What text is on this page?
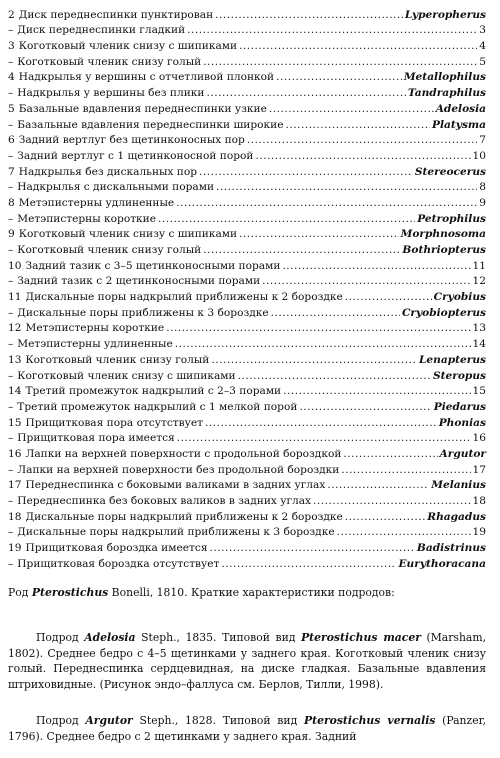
2 Диск переднеспинки пунктирован .....	Lyperopherus
– Диск переднеспинки гладкий .....	3
3 Коготковый членик снизу с шипиками .....	4
– Коготковый членик снизу голый .....	5
4 Надкрылья у вершины с отчетливой плонкой .....	Metallophilus
– Надкрылья у вершины без плики .....	Tandraphilus
5 Базальные вдавления переднеспинки узкие .....	Adelosia
– Базальные вдавления переднеспинки широкие .....	Platysma
6 Задний вертлуг без щетинконосных пор .....	7
– Задний вертлуг с 1 щетинконосной порой .....	10
7 Надкрылья без дискальных пор .....	Stereocerus
– Надкрылья с дискальными порами .....	8
8 Метэпистерны удлиненные .....	9
– Метэпистерны короткие .....	Petrophilus
9 Коготковый членик снизу с шипиками .....	Morphnosoma
– Коготковый членик снизу голый .....	Bothriopterus
10 Задний тазик с 3–5 щетинконосными порами .....	11
– Задний тазик с 2 щетинконосными порами .....	12
11 Дискальные поры надкрылий приближены к 2 бороздке .....	Cryobius
– Дискальные поры приближены к 3 бороздке .....	Cryobiopterus
12 Метэпистерны короткие .....	13
– Метэпистерны удлиненные .....	14
13 Коготковый членик снизу голый .....	Lenapterus
– Коготковый членик снизу с шипиками .....	Steropus
14 Третий промежуток надкрылий с 2–3 порами .....	15
– Третий промежуток надкрылий с 1 мелкой порой .....	Piedarus
15 Прищитковая пора отсутствует .....	Phonias
– Прищитковая пора имеется .....	16
16 Лапки на верхней поверхности с продольной бороздкой .....	Argutor
– Лапки на верхней поверхности без продольной бороздки .....	17
17 Переднеспинка с боковыми валиками в задних углах .....	Melanius
– Переднеспинка без боковых валиков в задних углах .....	18
18 Дискальные поры надкрылий приближены к 2 бороздке .....	Rhagadus
– Дискальные поры надкрылий приближены к 3 бороздке .....	19
19 Прищитковая бороздка имеется .....	Badistrinus
– Прищитковая бороздка отсутствует .....	Eurythoracana
Род Pterostichus Bonelli, 1810. Краткие характеристики подродов:
Подрод Adelosia Steph., 1835. Типовой вид Pterostichus macer (Marsham, 1802). Среднее бедро с 4–5 щетинками у заднего края. Коготковый членик снизу голый. Переднеспинка сердцевидная, на диске гладкая. Базальные вдавления штриховидные. (Рисунок эндо–фаллуса см. Берлов, Тилли, 1998).
Подрод Argutor Steph., 1828. Типовой вид Pterostichus vernalis (Panzer, 1796). Среднее бедро с 2 щетинками у заднего края. Задний
